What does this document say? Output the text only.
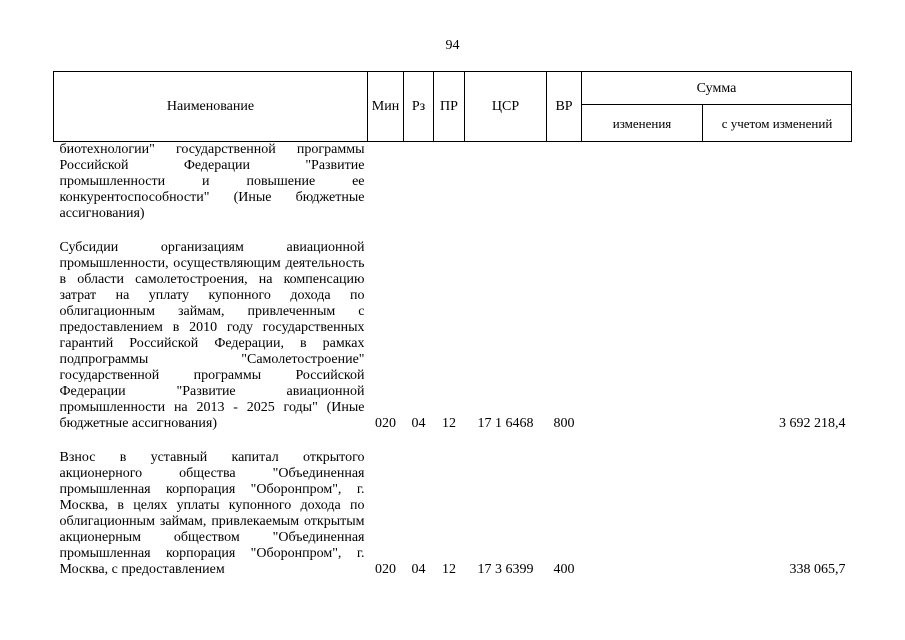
94
Наименование	Мин	Рз	ПР	ЦСР	ВР	Сумма	
						изменения	с учетом изменений
биотехнологии" государственной программы Российской Федерации "Развитие промышленности и повышение ее конкурентоспособности" (Иные бюджетные ассигнования)							

Субсидии организациям авиационной промышленности, осуществляющим деятельность в области самолетостроения, на компенсацию затрат на уплату купонного дохода по облигационным займам, привлеченным с предоставлением в 2010 году государственных гарантий Российской Федерации, в рамках подпрограммы "Самолетостроение" государственной программы Российской Федерации "Развитие авиационной промышленности на 2013 - 2025 годы" (Иные бюджетные ассигнования)	020	04	12	17 1 6468	800		3 692 218,4

Взнос в уставный капитал открытого акционерного общества "Объединенная промышленная корпорация "Оборонпром", г. Москва, в целях уплаты купонного дохода по облигационным займам, привлекаемым открытым акционерным обществом "Объединенная промышленная корпорация "Оборонпром", г. Москва, с предоставлением	020	04	12	17 3 6399	400		338 065,7
